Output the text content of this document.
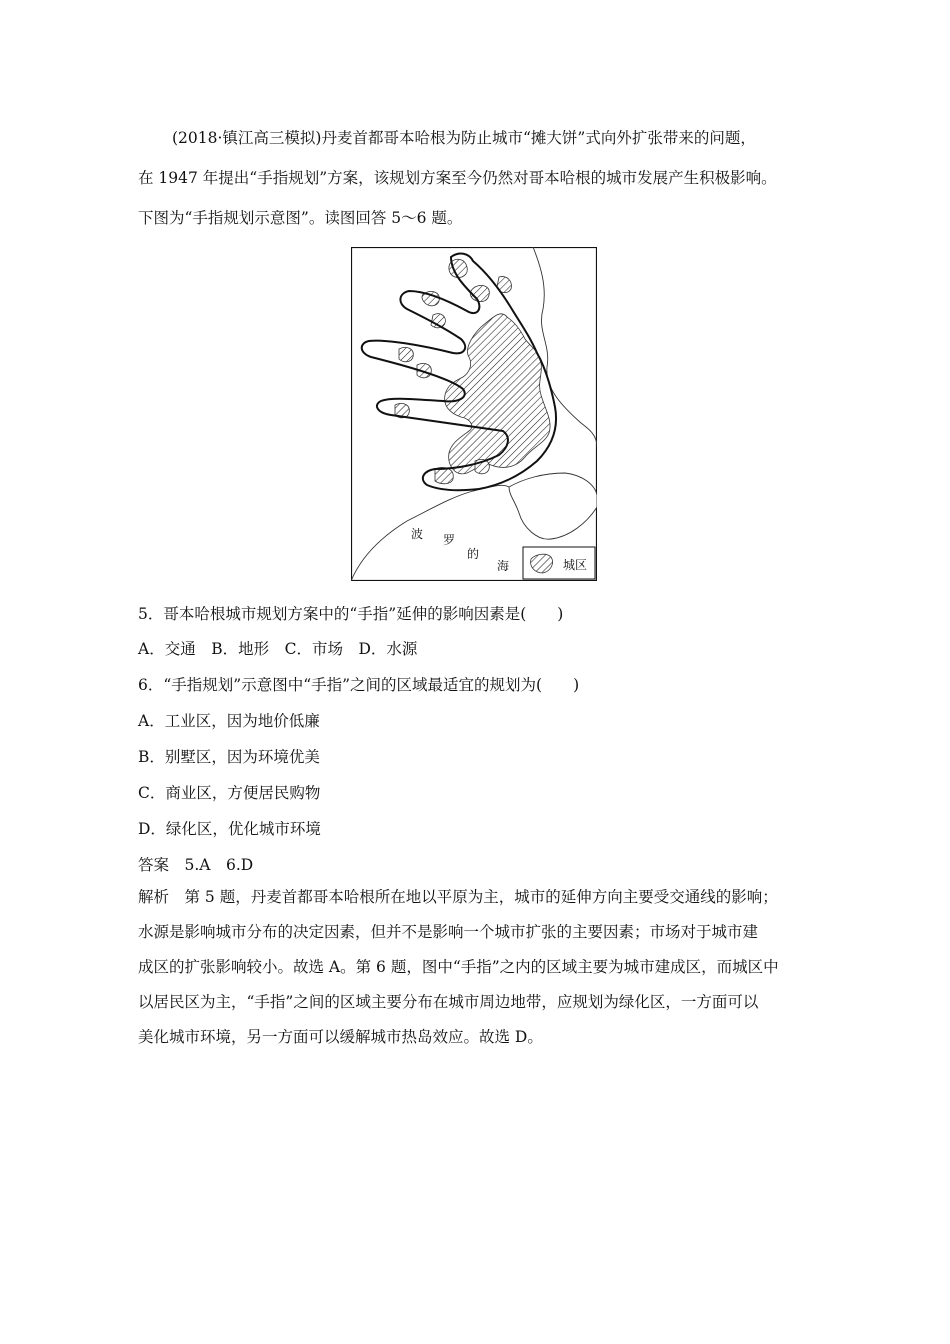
(2018·镇江高三模拟)丹麦首都哥本哈根为防止城市“摊大饼”式向外扩张带来的问题，

在 1947 年提出“手指规划”方案，该规划方案至今仍然对哥本哈根的城市发展产生积极影响。

下图为“手指规划示意图”。读图回答 5～6 题。

波 罗
的
海	城区
5．哥本哈根城市规划方案中的“手指”延伸的影响因素是(　　)
A．交通　B．地形　C．市场　D．水源
6．“手指规划”示意图中“手指”之间的区域最适宜的规划为(　　)
A．工业区，因为地价低廉
B．别墅区，因为环境优美
C．商业区，方便居民购物
D．绿化区，优化城市环境
答案　5.A　6.D

解析　第 5 题，丹麦首都哥本哈根所在地以平原为主，城市的延伸方向主要受交通线的影响；

水源是影响城市分布的决定因素，但并不是影响一个城市扩张的主要因素；市场对于城市建

成区的扩张影响较小。故选 A。第 6 题，图中“手指”之内的区域主要为城市建成区，而城区中

以居民区为主，“手指”之间的区域主要分布在城市周边地带，应规划为绿化区，一方面可以

美化城市环境，另一方面可以缓解城市热岛效应。故选 D。
